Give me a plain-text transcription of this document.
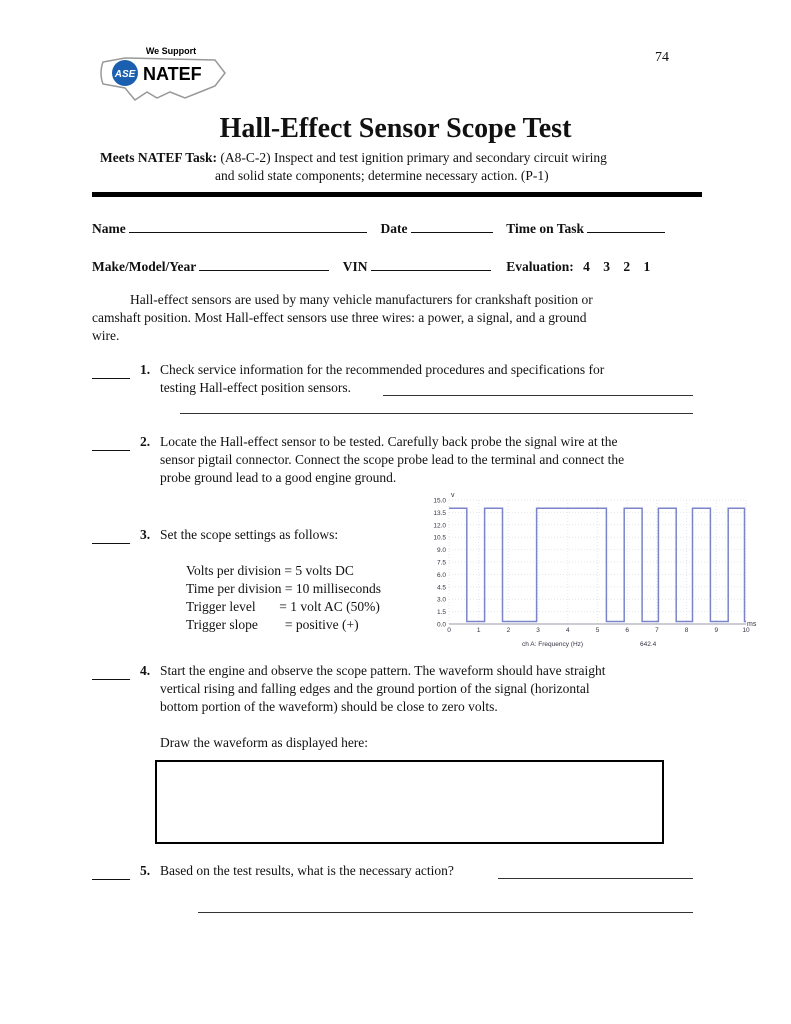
74
ASE
We Support
NATEF
Hall-Effect Sensor Scope Test
Meets NATEF Task: (A8-C-2) Inspect and test ignition primary and secondary circuit wiring
and solid state components; determine necessary action. (P-1)
Name	Date	Time on Task
Make/Model/Year	VIN	Evaluation: 4 3 2 1
Hall-effect sensors are used by many vehicle manufacturers for crankshaft position or
camshaft position. Most Hall-effect sensors use three wires: a power, a signal, and a ground
wire.
1. Check service information for the recommended procedures and specifications for
testing Hall-effect position sensors.
2. Locate the Hall-effect sensor to be tested. Carefully back probe the signal wire at the
sensor pigtail connector. Connect the scope probe lead to the terminal and connect the
probe ground lead to a good engine ground.
3. Set the scope settings as follows:
Volts per division = 5 volts DC
Time per division = 10 milliseconds
Trigger level       = 1 volt AC (50%)
Trigger slope        = positive (+)
15.0
13.5
12.0
10.5
9.0
7.5
6.0
4.5
3.0
1.5
0.0
0	1	2	3	4	5	6	7	8	9	10
v
ms
ch A: Frequency (Hz)	642.4
4. Start the engine and observe the scope pattern. The waveform should have straight
vertical rising and falling edges and the ground portion of the signal (horizontal
bottom portion of the waveform) should be close to zero volts.
Draw the waveform as displayed here:
5. Based on the test results, what is the necessary action?
